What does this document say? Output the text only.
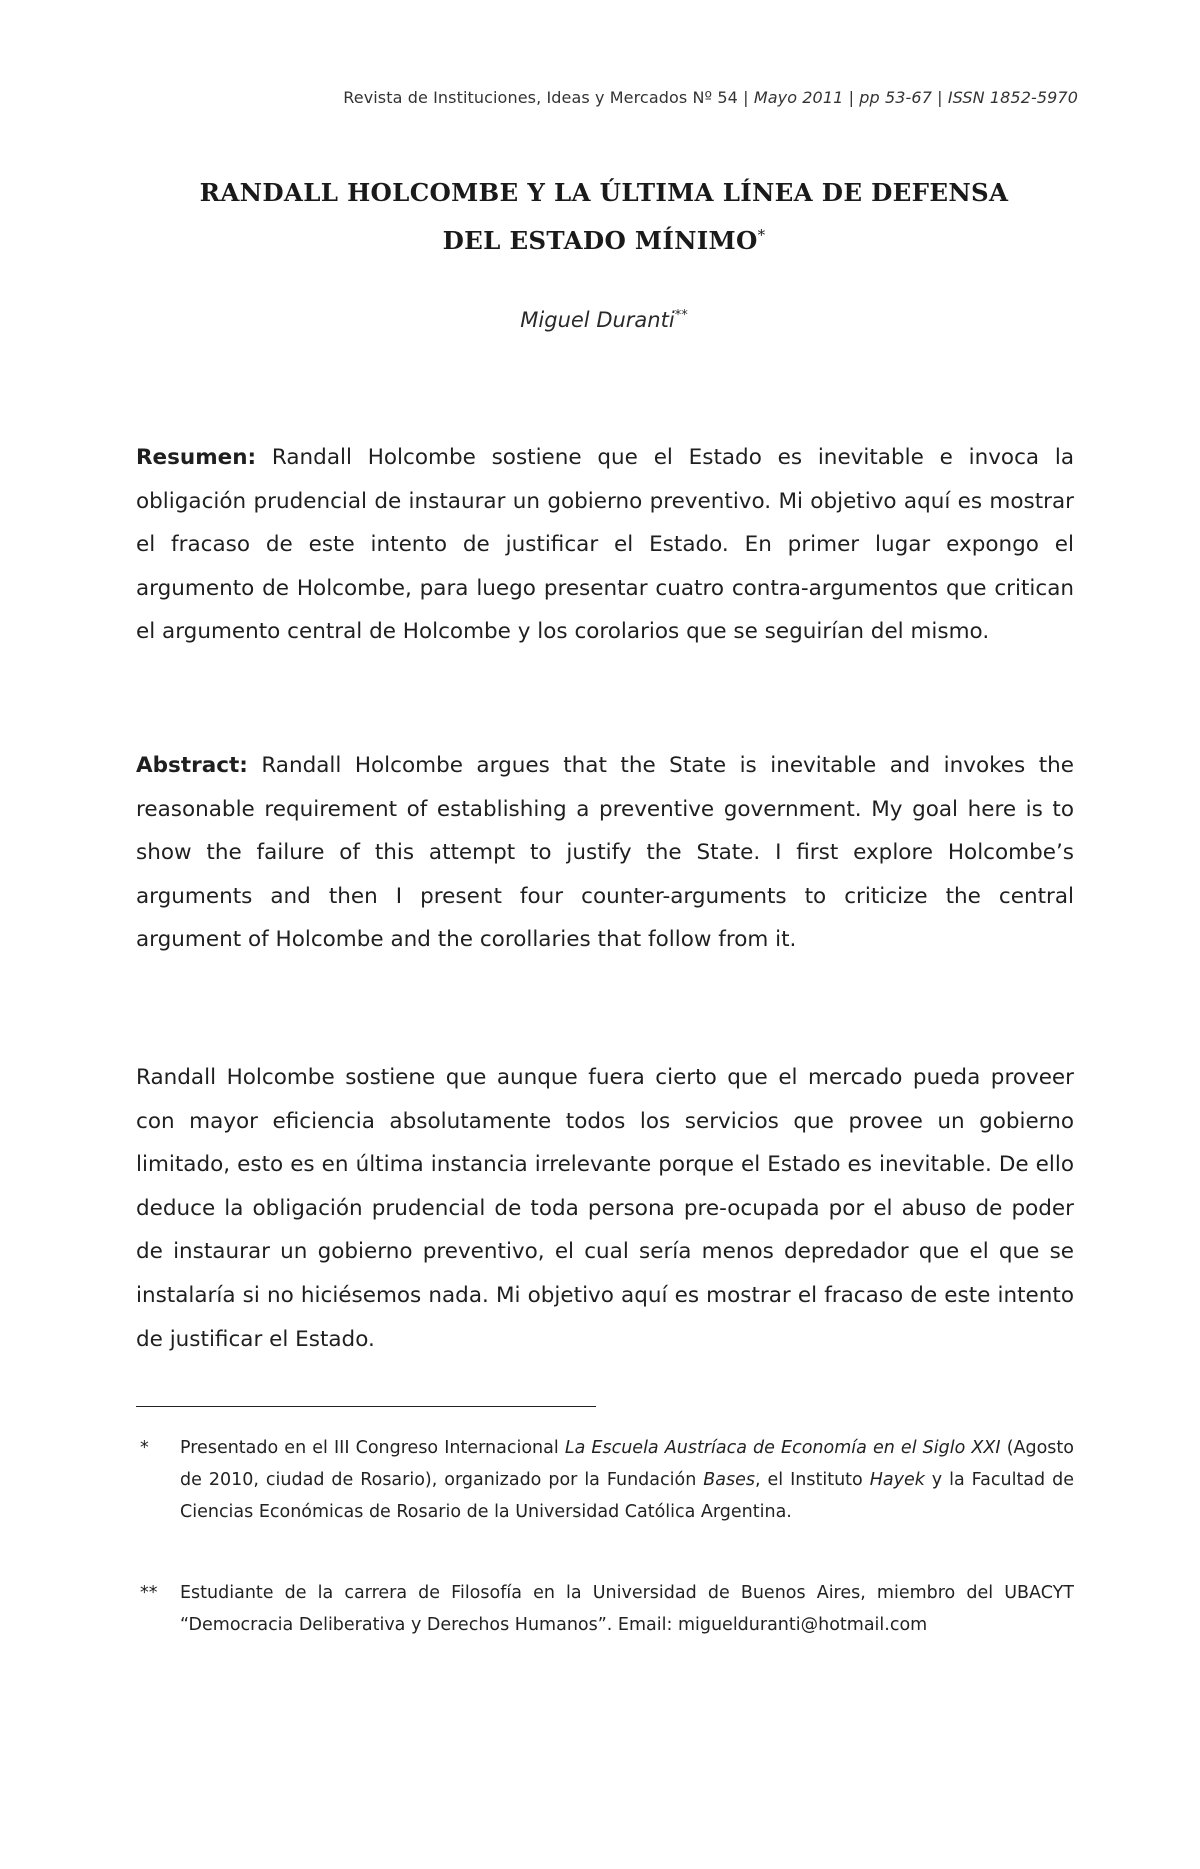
Revista de Instituciones, Ideas y Mercados Nº 54 | Mayo 2011 | pp 53-67 | ISSN 1852-5970
RANDALL HOLCOMBE Y LA ÚLTIMA LÍNEA DE DEFENSA
DEL ESTADO MÍNIMO*
Miguel Duranti**
Resumen: Randall Holcombe sostiene que el Estado es inevitable e invoca la obligación prudencial de instaurar un gobierno preventivo. Mi objetivo aquí es mostrar el fracaso de este intento de justificar el Estado. En primer lugar expongo el argumento de Holcombe, para luego presentar cuatro contra-argumentos que critican el argumento central de Holcombe y los corolarios que se seguirían del mismo.
Abstract: Randall Holcombe argues that the State is inevitable and invokes the reasonable requirement of establishing a preventive government. My goal here is to show the failure of this attempt to justify the State. I first explore Holcombe’s arguments and then I present four counter-arguments to criticize the central argument of Holcombe and the corollaries that follow from it.
Randall Holcombe sostiene que aunque fuera cierto que el mercado pueda proveer con mayor eficiencia absolutamente todos los servicios que provee un gobierno limitado, esto es en última instancia irrelevante porque el Estado es inevitable. De ello deduce la obligación prudencial de toda persona pre-ocupada por el abuso de poder de instaurar un gobierno preventivo, el cual sería menos depredador que el que se instalaría si no hiciésemos nada. Mi objetivo aquí es mostrar el fracaso de este intento de justificar el Estado.
*	Presentado en el III Congreso Internacional La Escuela Austríaca de Economía en el Siglo XXI (Agosto de 2010, ciudad de Rosario), organizado por la Fundación Bases, el Instituto Hayek y la Facultad de Ciencias Económicas de Rosario de la Universidad Católica Argentina.
**	Estudiante de la carrera de Filosofía en la Universidad de Buenos Aires, miembro del UBACYT “Democracia Deliberativa y Derechos Humanos”. Email: miguelduranti@hotmail.com
